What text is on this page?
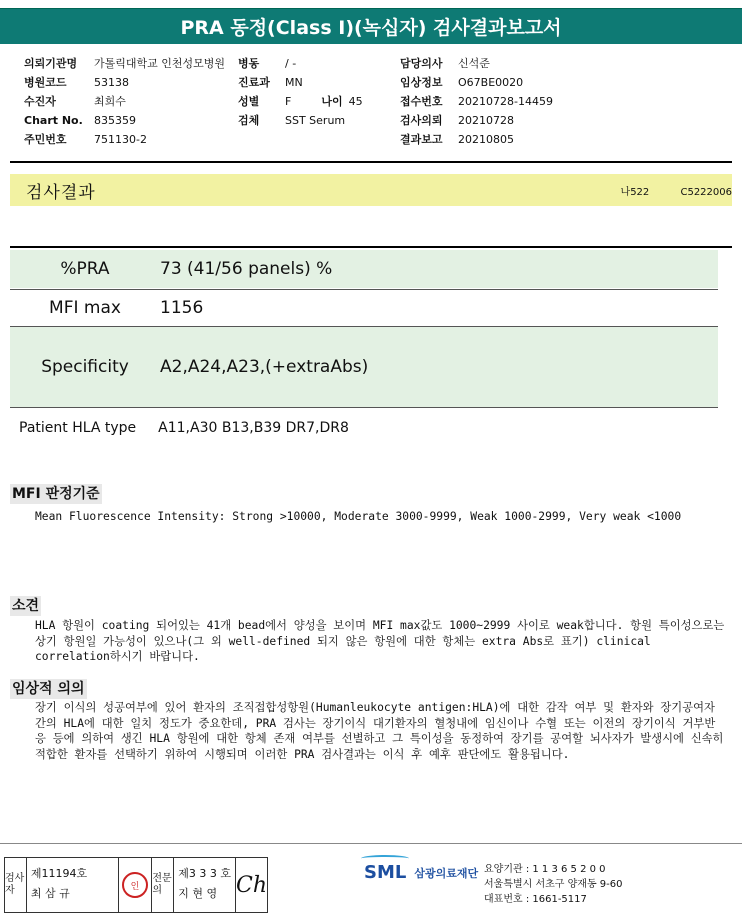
PRA 동정(Class I)(녹십자) 검사결과보고서
의뢰기관명 가톨릭대학교 인천성모병원
병원코드 53138
수진자	최희수
Chart No. 835359
주민번호 751130-2
병동 / -
진료과 MN
성별 F	나이 45
검체 SST Serum
담당의사 신석준
임상정보 O67BE0020
접수번호 20210728-14459
검사의뢰 20210728
결과보고 20210805
검사결과	나522	C5222006
%PRA	73 (41/56 panels) %
MFI max	1156
Specificity	A2,A24,A23,(+extraAbs)
Patient HLA type A11,A30 B13,B39 DR7,DR8
MFI 판정기준
Mean Fluorescence Intensity: Strong >10000, Moderate 3000-9999, Weak 1000-2999, Very weak <1000
소견
HLA 항원이 coating 되어있는 41개 bead에서 양성을 보이며 MFI max값도 1000~2999 사이로 weak합니다. 항원 특이성으로는 상기 항원일 가능성이 있으나(그 외 well-defined 되지 않은 항원에 대한 항체는 extra Abs로 표기) clinical correlation하시기 바랍니다.
임상적 의의
장기 이식의 성공여부에 있어 환자의 조직접합성항원(Humanleukocyte antigen:HLA)에 대한 감작 여부 및 환자와 장기공여자간의 HLA에 대한 일치 정도가 중요한데, PRA 검사는 장기이식 대기환자의 혈청내에 임신이나 수혈 또는 이전의 장기이식 거부반응 등에 의하여 생긴 HLA 항원에 대한 항체 존재 여부를 선별하고 그 특이성을 동정하여 장기를 공여할 뇌사자가 발생시에 신속히 적합한 환자를 선택하기 위하여 시행되며 이러한 PRA 검사결과는 이식 후 예후 판단에도 활용됩니다.
검사자
제11194호
최 삼 규
인
전문의
제3 3 3 호
지 현 영 Ch	SML 삼광의료재단 요양기관 : 1 1 3 6 5 2 0 0
서울특별시 서초구 양재동 9-60
대표번호 : 1661-5117
